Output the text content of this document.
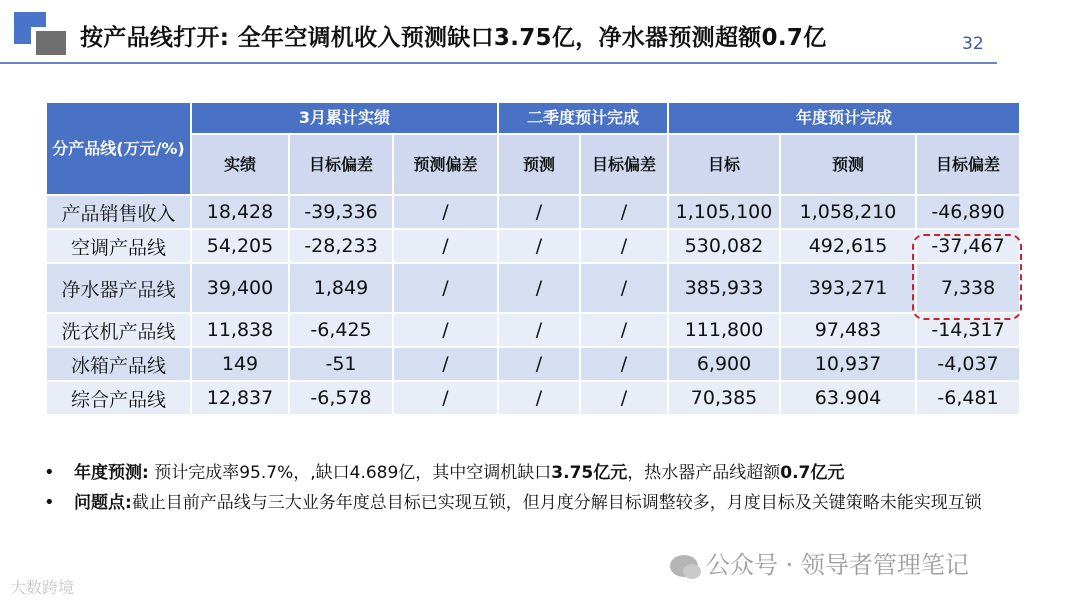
按产品线打开: 全年空调机收入预测缺口3.75亿，净水器预测超额0.7亿	32
分产品线(万元/%)	3月累计实绩			二季度预计完成		年度预计完成		
	实绩	目标偏差	预测偏差	预测	目标偏差	目标	预测	目标偏差
产品销售收入	18,428	-39,336	/	/	/	1,105,100	1,058,210	-46,890
空调产品线	54,205	-28,233	/	/	/	530,082	492,615	-37,467
净水器产品线	39,400	1,849	/	/	/	385,933	393,271	7,338
洗衣机产品线	11,838	-6,425	/	/	/	111,800	97,483	-14,317
冰箱产品线	149	-51	/	/	/	6,900	10,937	-4,037
综合产品线	12,837	-6,578	/	/	/	70,385	63.904	-6,481
• 年度预测: 预计完成率95.7%，,缺口4.689亿，其中空调机缺口3.75亿元，热水器产品线超额0.7亿元
• 问题点:截止目前产品线与三大业务年度总目标已实现互锁，但月度分解目标调整较多，月度目标及关键策略未能实现互锁
公众号 · 领导者管理笔记
大数跨境
